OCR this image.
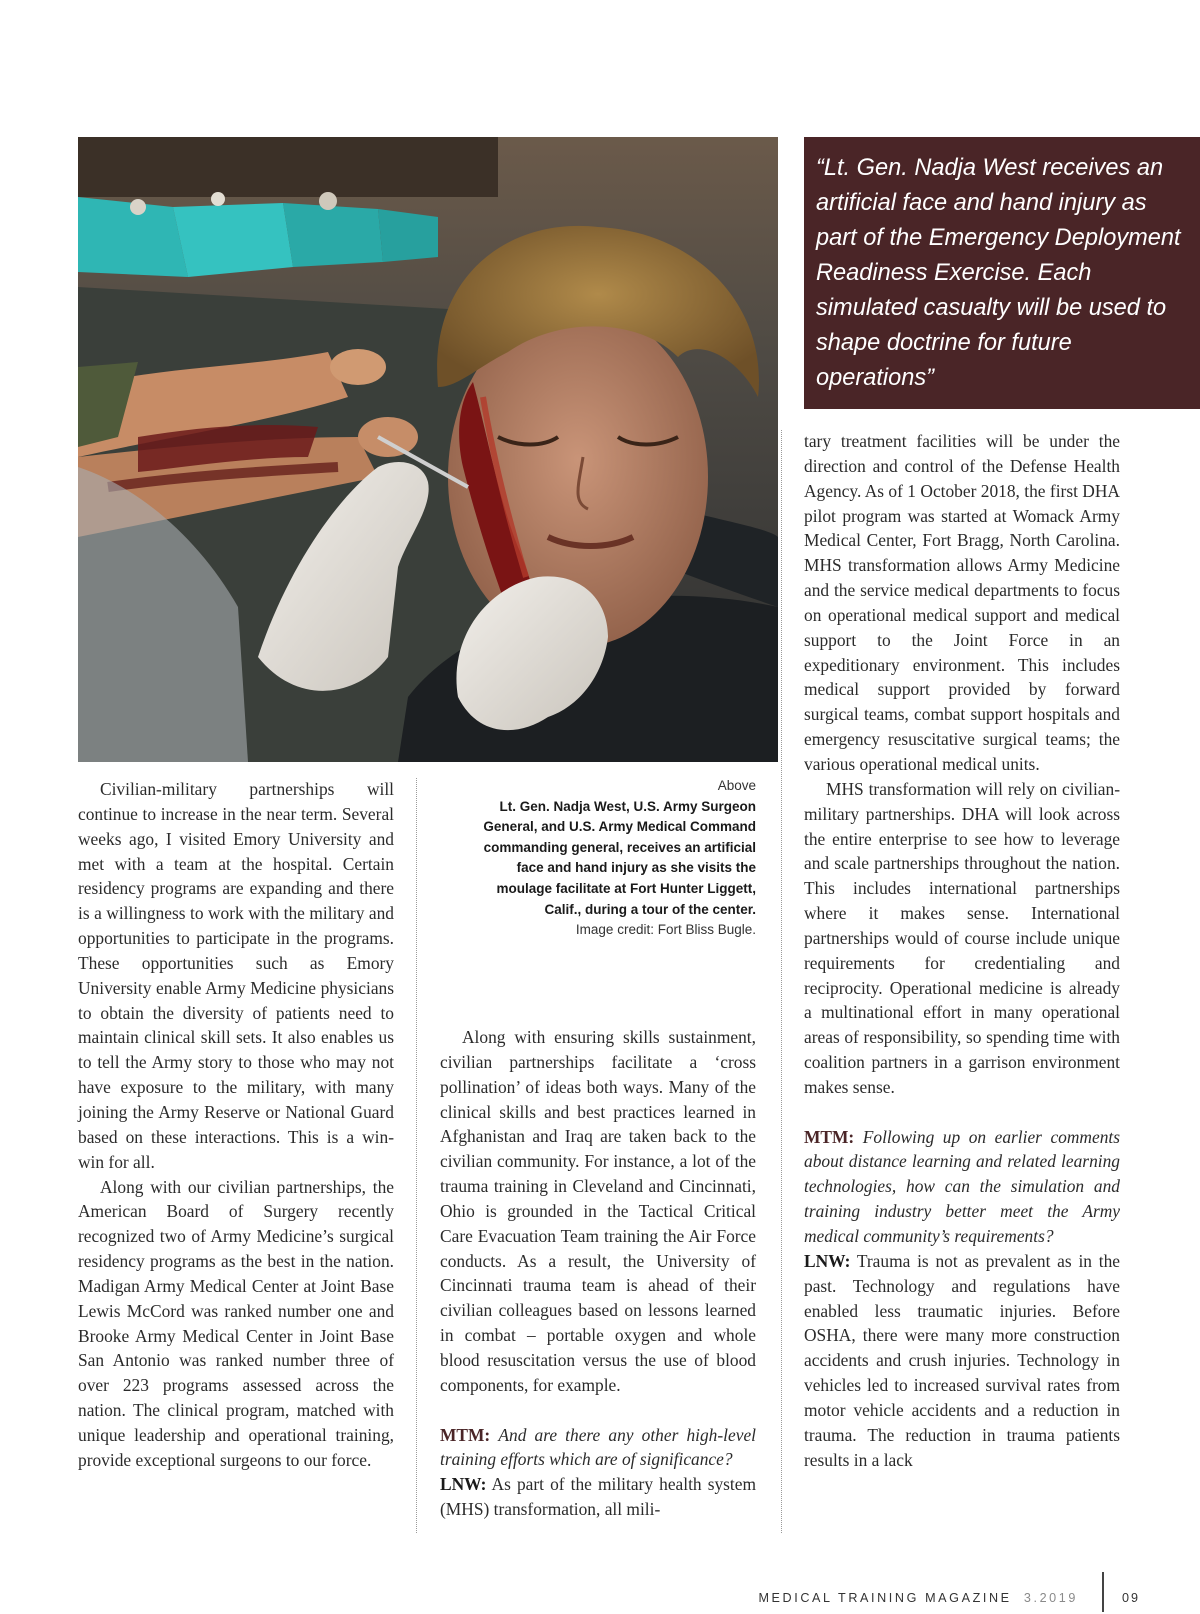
“Lt. Gen. Nadja West receives an artificial face and hand injury as part of the Emergency Deployment Readiness Exercise. Each simulated casualty will be used to shape doctrine for future operations”

Civilian-military partnerships will continue to increase in the near term. Several weeks ago, I visited Emory University and met with a team at the hospital. Certain residency programs are expanding and there is a willingness to work with the military and opportunities to participate in the programs. These opportunities such as Emory University enable Army Medicine physicians to obtain the diversity of patients need to maintain clinical skill sets. It also enables us to tell the Army story to those who may not have exposure to the military, with many joining the Army Reserve or National Guard based on these interactions. This is a win-win for all.

Along with our civilian partnerships, the American Board of Surgery recently recognized two of Army Medicine’s surgical residency programs as the best in the nation. Madigan Army Medical Center at Joint Base Lewis McCord was ranked number one and Brooke Army Medical Center in Joint Base San Antonio was ranked number three of over 223 programs assessed across the nation. The clinical program, matched with unique leadership and operational training, provide exceptional surgeons to our force.

Above
Lt. Gen. Nadja West, U.S. Army Surgeon General, and U.S. Army Medical Command commanding general, receives an artificial face and hand injury as she visits the moulage facilitate at Fort Hunter Liggett, Calif., during a tour of the center.
Image credit: Fort Bliss Bugle.

Along with ensuring skills sustainment, civilian partnerships facilitate a ‘cross pollination’ of ideas both ways. Many of the clinical skills and best practices learned in Afghanistan and Iraq are taken back to the civilian community. For instance, a lot of the trauma training in Cleveland and Cincinnati, Ohio is grounded in the Tactical Critical Care Evacuation Team training the Air Force conducts. As a result, the University of Cincinnati trauma team is ahead of their civilian colleagues based on lessons learned in combat – portable oxygen and whole blood resuscitation versus the use of blood components, for example.

MTM: And are there any other high-level training efforts which are of significance?

LNW: As part of the military health system (MHS) transformation, all mili-

tary treatment facilities will be under the direction and control of the Defense Health Agency. As of 1 October 2018, the first DHA pilot program was started at Womack Army Medical Center, Fort Bragg, North Carolina. MHS transformation allows Army Medicine and the service medical departments to focus on operational medical support and medical support to the Joint Force in an expeditionary environment. This includes medical support provided by forward surgical teams, combat support hospitals and emergency resuscitative surgical teams; the various operational medical units.

MHS transformation will rely on civilian-military partnerships. DHA will look across the entire enterprise to see how to leverage and scale partnerships throughout the nation. This includes international partnerships where it makes sense. International partnerships would of course include unique requirements for credentialing and reciprocity. Operational medicine is already a multinational effort in many operational areas of responsibility, so spending time with coalition partners in a garrison environment makes sense.

MTM: Following up on earlier comments about distance learning and related learning technologies, how can the simulation and training industry better meet the Army medical community’s requirements?

LNW: Trauma is not as prevalent as in the past. Technology and regulations have enabled less traumatic injuries. Before OSHA, there were many more construction accidents and crush injuries. Technology in vehicles led to increased survival rates from motor vehicle accidents and a reduction in trauma. The reduction in trauma patients results in a lack

MEDICAL TRAINING MAGAZINE 3.2019	09
